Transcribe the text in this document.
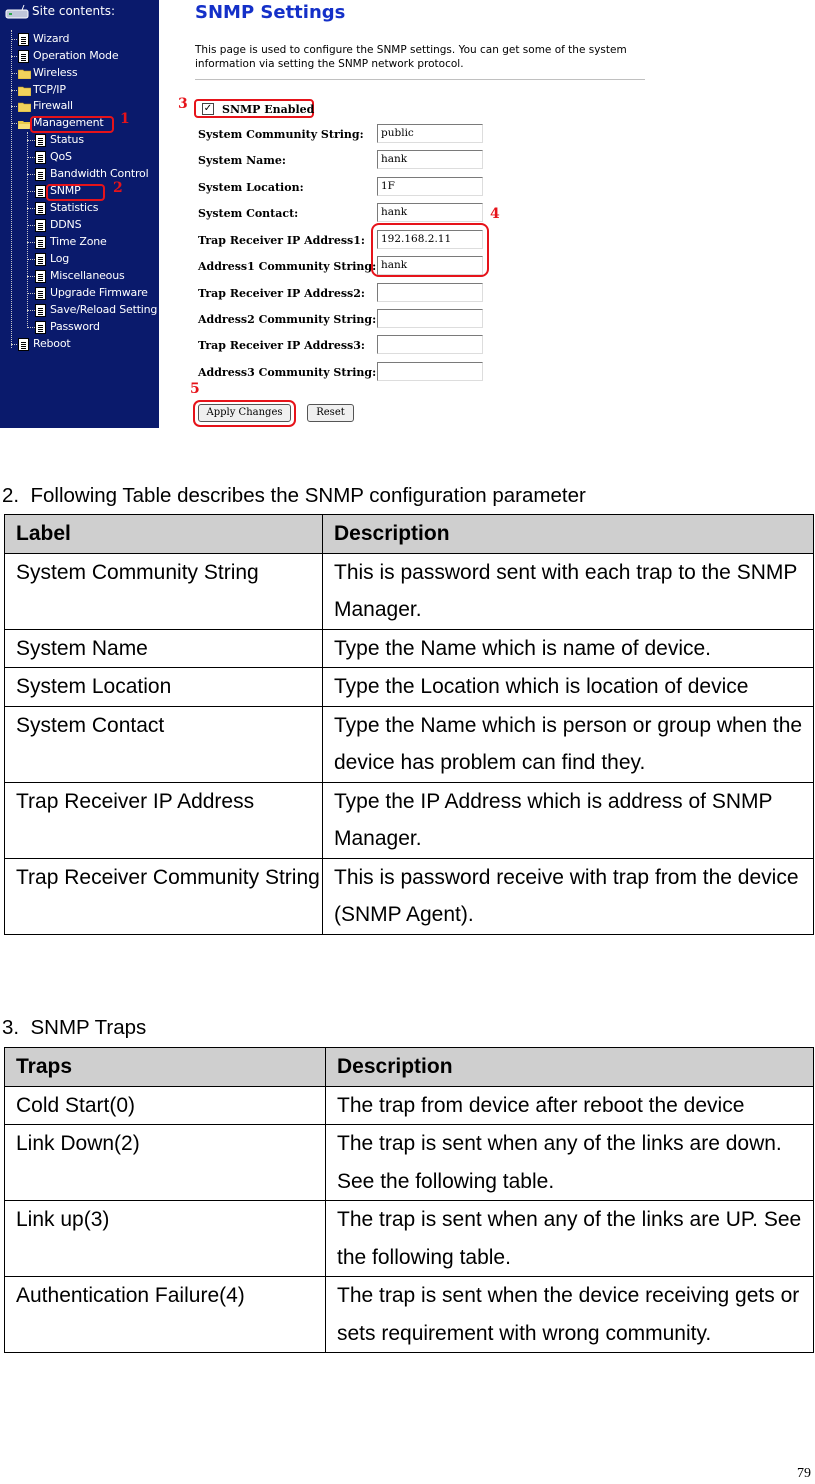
Site contents:
Wizard
Operation Mode
Wireless
TCP/IP
Firewall
Management
Status
QoS
Bandwidth Control
SNMP
Statistics
DDNS
Time Zone
Log
Miscellaneous
Upgrade Firmware
Save/Reload Setting
Password
Reboot
1
2
SNMP Settings
This page is used to configure the SNMP settings. You can get some of the system information via setting the SNMP network protocol.
3 ✓ SNMP Enabled
System Community String:	public
System Name:	hank
System Location:	1F
System Contact:	hank
Trap Receiver IP Address1:	192.168.2.11
Address1 Community String: hank
Trap Receiver IP Address2:
Address2 Community String:
Trap Receiver IP Address3:
Address3 Community String:
4
5
Apply Changes	Reset
2.  Following Table describes the SNMP configuration parameter
Label	Description
System Community String	This is password sent with each trap to the SNMP Manager.
System Name	Type the Name which is name of device.
System Location	Type the Location which is location of device
System Contact	Type the Name which is person or group when the device has problem can find they.
Trap Receiver IP Address	Type the IP Address which is address of SNMP Manager.
Trap Receiver Community String	This is password receive with trap from the device (SNMP Agent).
3.  SNMP Traps
Traps	Description
Cold Start(0)	The trap from device after reboot the device
Link Down(2)	The trap is sent when any of the links are down. See the following table.
Link up(3)	The trap is sent when any of the links are UP. See the following table.
Authentication Failure(4)	The trap is sent when the device receiving gets or sets requirement with wrong community.
79
